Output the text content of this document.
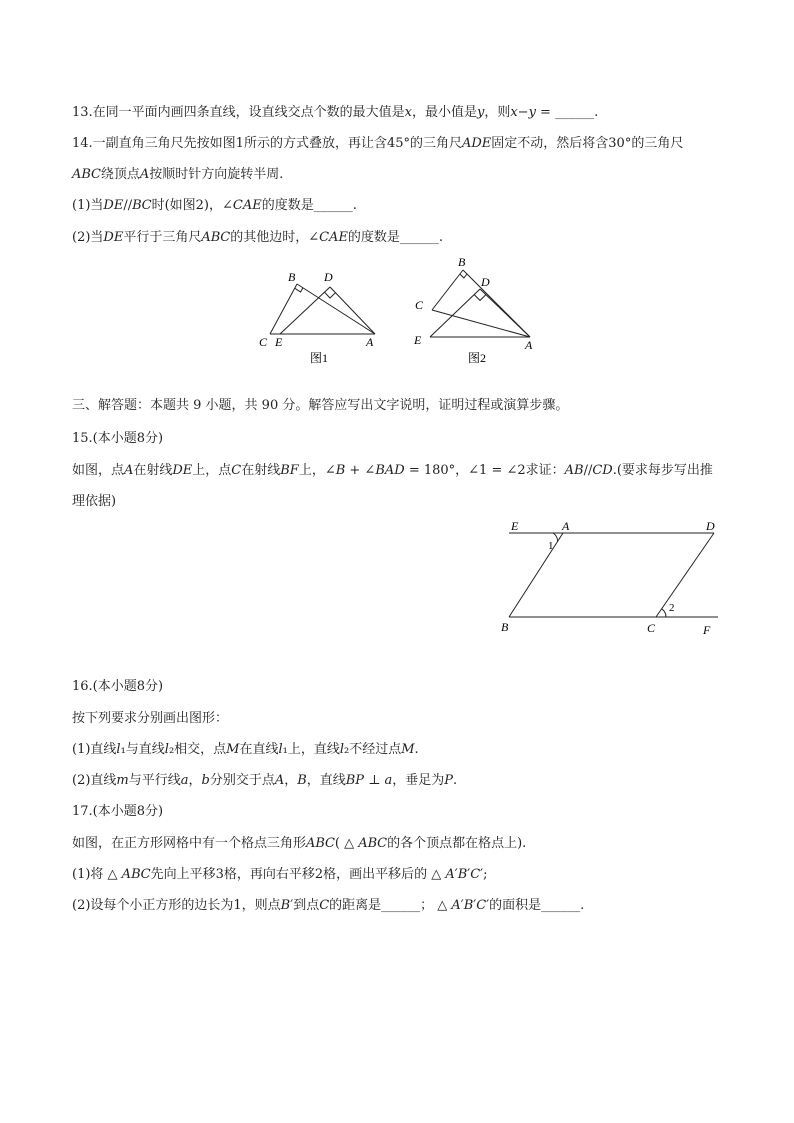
13.在同一平面内画四条直线，设直线交点个数的最大值是𝑥，最小值是𝑦，则𝑥−𝑦 = ______.
14.一副直角三角尺先按如图1所示的方式叠放，再让含45°的三角尺𝐴𝐷𝐸固定不动，然后将含30°的三角尺
𝐴𝐵𝐶绕顶点𝐴按顺时针方向旋转半周.
(1)当𝐷𝐸//𝐵𝐶时(如图2)，∠𝐶𝐴𝐸的度数是______.
(2)当𝐷𝐸平行于三角尺𝐴𝐵𝐶的其他边时，∠𝐶𝐴𝐸的度数是______.
B D
C E	A
图1
B
D
C
E	A
图2
三、解答题：本题共 9 小题，共 90 分。解答应写出文字说明，证明过程或演算步骤。
15.(本小题8分)
如图，点𝐴在射线𝐷𝐸上，点𝐶在射线𝐵𝐹上，∠𝐵 + ∠𝐵𝐴𝐷 = 180°，∠1 = ∠2求证：𝐴𝐵//𝐶𝐷.(要求每步写出推
理依据)
E	A	D
1
2
B	C	F
16.(本小题8分)
按下列要求分别画出图形：
(1)直线𝑙₁与直线𝑙₂相交，点𝑀在直线𝑙₁上，直线𝑙₂不经过点𝑀.
(2)直线𝑚与平行线𝑎，𝑏分别交于点𝐴，𝐵，直线𝐵𝑃 ⊥ 𝑎，垂足为𝑃.
17.(本小题8分)
如图，在正方形网格中有一个格点三角形𝐴𝐵𝐶( △ 𝐴𝐵𝐶的各个顶点都在格点上).
(1)将 △ 𝐴𝐵𝐶先向上平移3格，再向右平移2格，画出平移后的 △ 𝐴′𝐵′𝐶′;
(2)设每个小正方形的边长为1，则点𝐵′到点𝐶的距离是______； △ 𝐴′𝐵′𝐶′的面积是______.
